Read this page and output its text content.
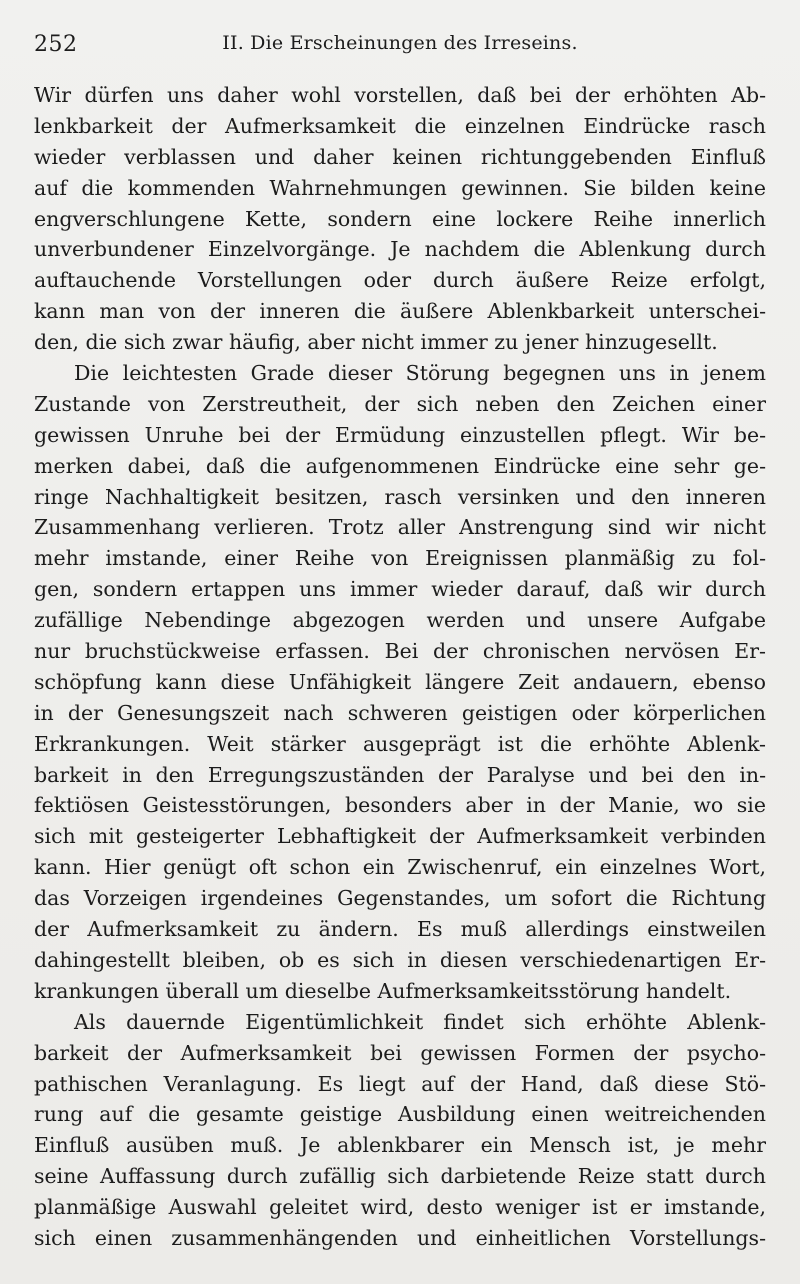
252	II. Die Erscheinungen des Irreseins.
Wir dürfen uns daher wohl vorstellen, daß bei der erhöhten Ab-
lenkbarkeit der Aufmerksamkeit die einzelnen Eindrücke rasch
wieder verblassen und daher keinen richtunggebenden Einfluß
auf die kommenden Wahrnehmungen gewinnen. Sie bilden keine
engverschlungene Kette, sondern eine lockere Reihe innerlich
unverbundener Einzelvorgänge. Je nachdem die Ablenkung durch
auftauchende Vorstellungen oder durch äußere Reize erfolgt,
kann man von der inneren die äußere Ablenkbarkeit unterschei-
den, die sich zwar häufig, aber nicht immer zu jener hinzugesellt.
Die leichtesten Grade dieser Störung begegnen uns in jenem
Zustande von Zerstreutheit, der sich neben den Zeichen einer
gewissen Unruhe bei der Ermüdung einzustellen pflegt. Wir be-
merken dabei, daß die aufgenommenen Eindrücke eine sehr ge-
ringe Nachhaltigkeit besitzen, rasch versinken und den inneren
Zusammenhang verlieren. Trotz aller Anstrengung sind wir nicht
mehr imstande, einer Reihe von Ereignissen planmäßig zu fol-
gen, sondern ertappen uns immer wieder darauf, daß wir durch
zufällige Nebendinge abgezogen werden und unsere Aufgabe
nur bruchstückweise erfassen. Bei der chronischen nervösen Er-
schöpfung kann diese Unfähigkeit längere Zeit andauern, ebenso
in der Genesungszeit nach schweren geistigen oder körperlichen
Erkrankungen. Weit stärker ausgeprägt ist die erhöhte Ablenk-
barkeit in den Erregungszuständen der Paralyse und bei den in-
fektiösen Geistesstörungen, besonders aber in der Manie, wo sie
sich mit gesteigerter Lebhaftigkeit der Aufmerksamkeit verbinden
kann. Hier genügt oft schon ein Zwischenruf, ein einzelnes Wort,
das Vorzeigen irgendeines Gegenstandes, um sofort die Richtung
der Aufmerksamkeit zu ändern. Es muß allerdings einstweilen
dahingestellt bleiben, ob es sich in diesen verschiedenartigen Er-
krankungen überall um dieselbe Aufmerksamkeitsstörung handelt.
Als dauernde Eigentümlichkeit findet sich erhöhte Ablenk-
barkeit der Aufmerksamkeit bei gewissen Formen der psycho-
pathischen Veranlagung. Es liegt auf der Hand, daß diese Stö-
rung auf die gesamte geistige Ausbildung einen weitreichenden
Einfluß ausüben muß. Je ablenkbarer ein Mensch ist, je mehr
seine Auffassung durch zufällig sich darbietende Reize statt durch
planmäßige Auswahl geleitet wird, desto weniger ist er imstande,
sich einen zusammenhängenden und einheitlichen Vorstellungs-
